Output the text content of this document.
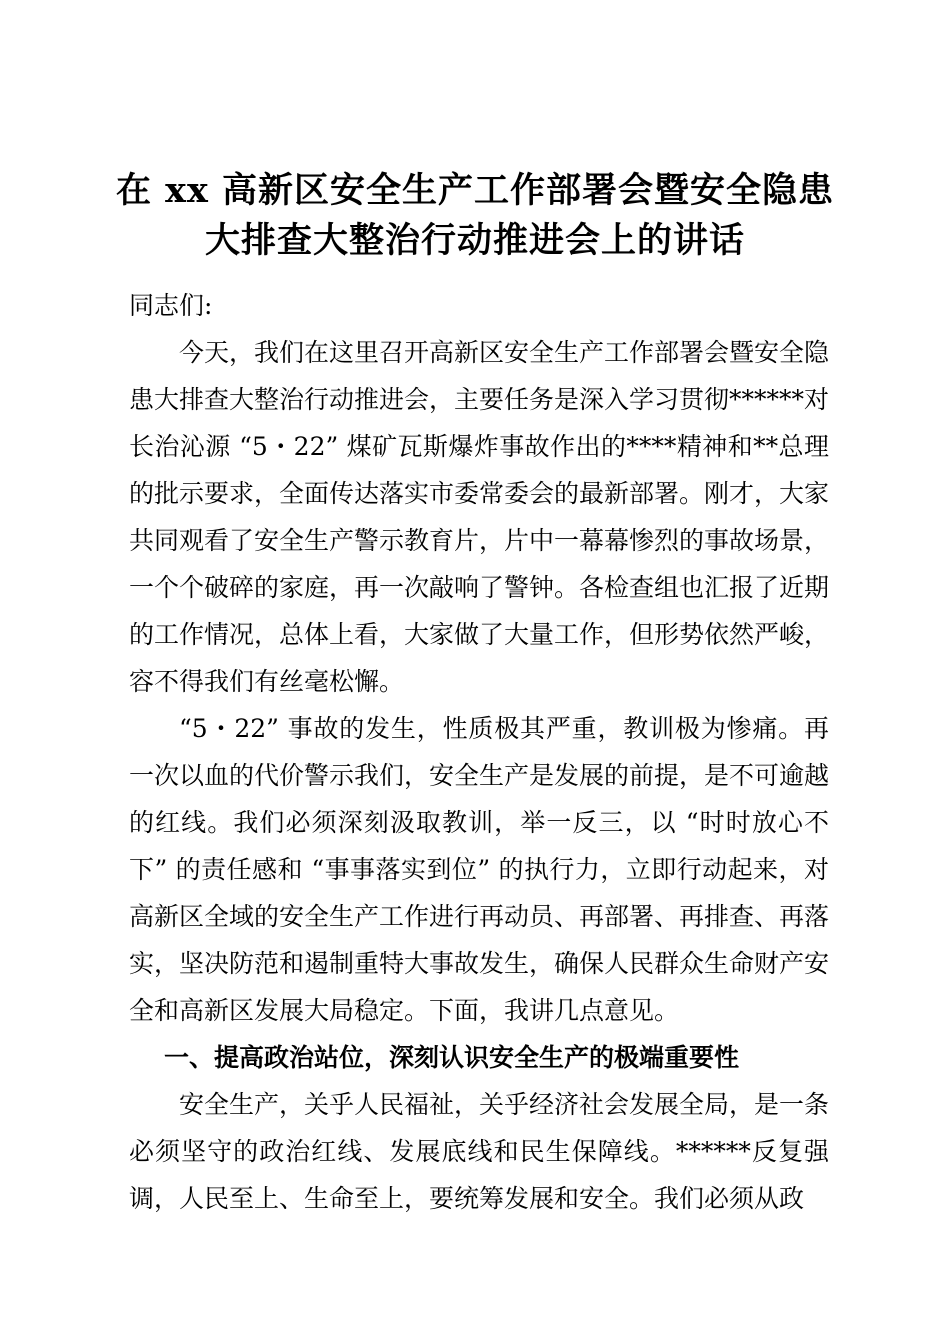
在 xx 高新区安全生产工作部署会暨安全隐患
大排查大整治行动推进会上的讲话

同志们:

今天，我们在这里召开高新区安全生产工作部署会暨安全隐患大排查大整治行动推进会，主要任务是深入学习贯彻******对长治沁源 “5・22” 煤矿瓦斯爆炸事故作出的****精神和**总理的批示要求，全面传达落实市委常委会的最新部署。刚才，大家共同观看了安全生产警示教育片，片中一幕幕惨烈的事故场景，一个个破碎的家庭，再一次敲响了警钟。各检查组也汇报了近期的工作情况，总体上看，大家做了大量工作，但形势依然严峻，容不得我们有丝毫松懈。

“5・22” 事故的发生，性质极其严重，教训极为惨痛。再一次以血的代价警示我们，安全生产是发展的前提，是不可逾越的红线。我们必须深刻汲取教训，举一反三，以 “时时放心不下” 的责任感和 “事事落实到位” 的执行力，立即行动起来，对高新区全域的安全生产工作进行再动员、再部署、再排查、再落实，坚决防范和遏制重特大事故发生，确保人民群众生命财产安全和高新区发展大局稳定。下面，我讲几点意见。

一、提高政治站位，深刻认识安全生产的极端重要性

安全生产，关乎人民福祉，关乎经济社会发展全局，是一条必须坚守的政治红线、发展底线和民生保障线。******反复强调，人民至上、生命至上，要统筹发展和安全。我们必须从政
